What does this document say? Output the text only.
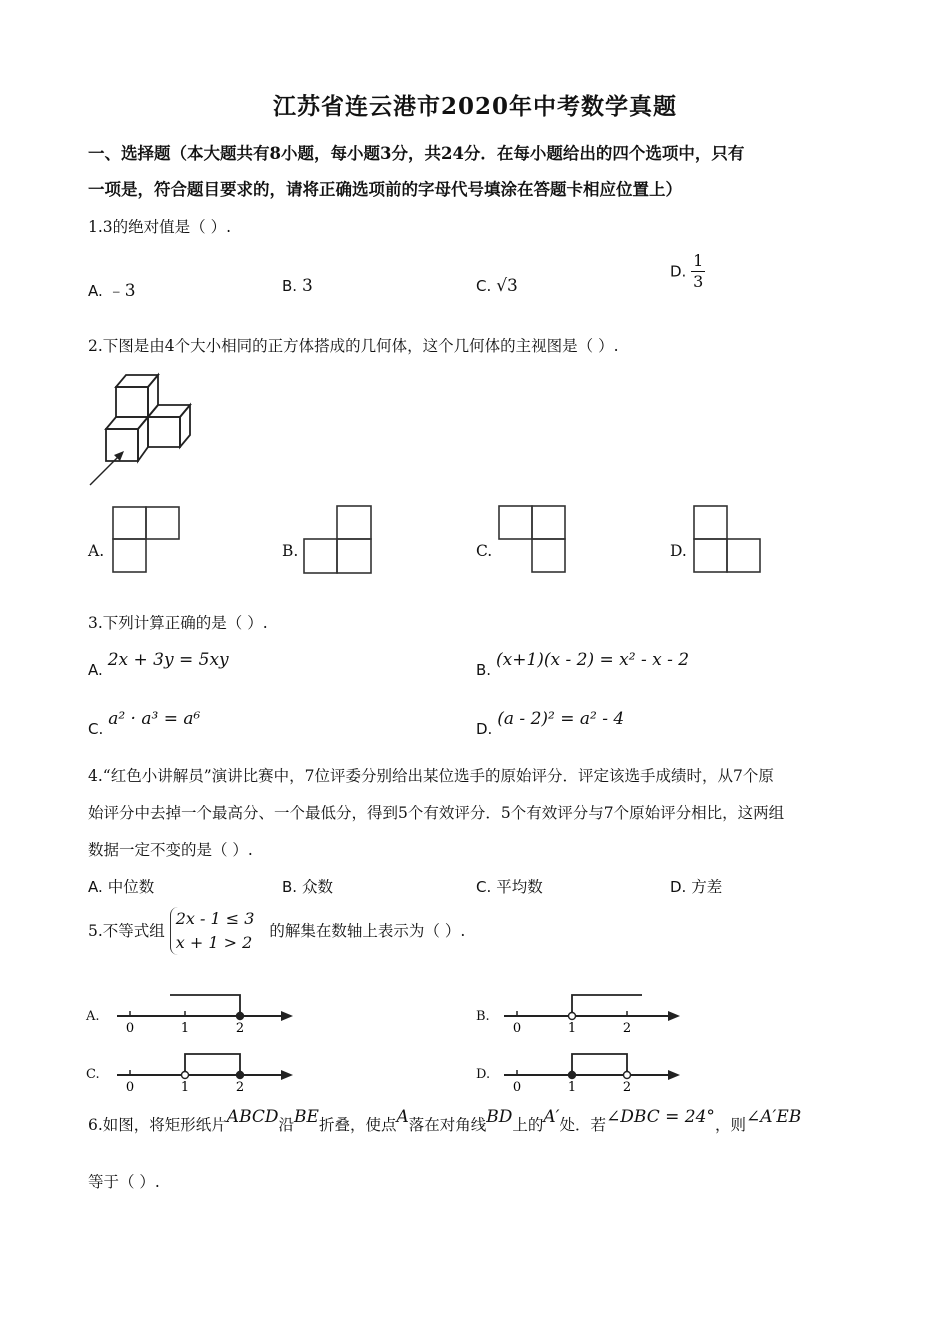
江苏省连云港市2020年中考数学真题
一、选择题（本大题共有8小题，每小题3分，共24分．在每小题给出的四个选项中，只有
一项是，符合题目要求的，请将正确选项前的字母代号填涂在答题卡相应位置上）
1.3的绝对值是（ ）.
A. ﹣3	B. 3	C. √3
D. $\frac{1}{3}$
2.下图是由4个大小相同的正方体搭成的几何体，这个几何体的主视图是（ ）.
A.	B.	C.	D.
3.下列计算正确的是（ ）.
A. 2x + 3y = 5xy	B. (x+1)(x - 2) = x² - x - 2
C. a² · a³ = a⁶	D. (a - 2)² = a² - 4
4.“红色小讲解员”演讲比赛中，7位评委分别给出某位选手的原始评分．评定该选手成绩时，从7个原
始评分中去掉一个最高分、一个最低分，得到5个有效评分．5个有效评分与7个原始评分相比，这两组
数据一定不变的是（ ）.
A. 中位数	B. 众数	C. 平均数	D. 方差
5.不等式组
2x - 1 ≤ 3
x + 1 > 2
的解集在数轴上表示为（ ）.
A.
0	1	2
B.
0	1	2
C.
0	1	2
D.
0	1	2
6.如图，将矩形纸片ABCD沿BE折叠，使点A落在对角线BD上的A′处．若∠DBC = 24°，则∠A′EB
等于（ ）.
